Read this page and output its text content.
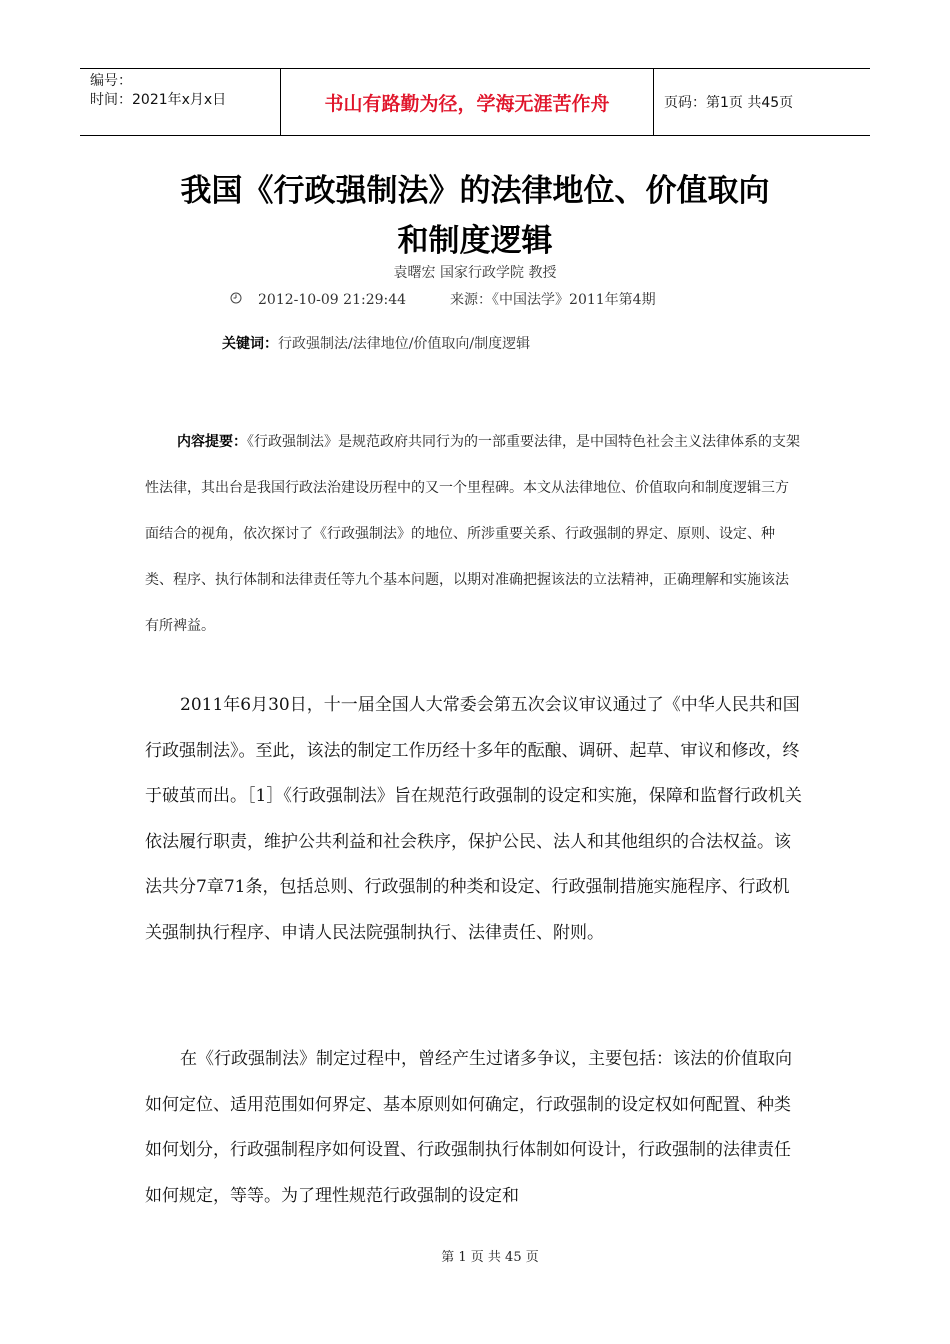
编号：
时间：2021年x月x日	书山有路勤为径，学海无涯苦作舟	页码：第1页 共45页
我国《行政强制法》的法律地位、价值取向
和制度逻辑
袁曙宏 国家行政学院 教授
2012-10-09 21:29:44	来源：《中国法学》2011年第4期
关键词：行政强制法/法律地位/价值取向/制度逻辑
内容提要：《行政强制法》是规范政府共同行为的一部重要法律，是中国特色社会主义法律体系的支架性法律，其出台是我国行政法治建设历程中的又一个里程碑。本文从法律地位、价值取向和制度逻辑三方面结合的视角，依次探讨了《行政强制法》的地位、所涉重要关系、行政强制的界定、原则、设定、种类、程序、执行体制和法律责任等九个基本问题，以期对准确把握该法的立法精神，正确理解和实施该法有所裨益。
2011年6月30日，十一届全国人大常委会第五次会议审议通过了《中华人民共和国行政强制法》。至此，该法的制定工作历经十多年的酝酿、调研、起草、审议和修改，终于破茧而出。［1］《行政强制法》旨在规范行政强制的设定和实施，保障和监督行政机关依法履行职责，维护公共利益和社会秩序，保护公民、法人和其他组织的合法权益。该法共分7章71条，包括总则、行政强制的种类和设定、行政强制措施实施程序、行政机关强制执行程序、申请人民法院强制执行、法律责任、附则。
在《行政强制法》制定过程中，曾经产生过诸多争议，主要包括：该法的价值取向如何定位、适用范围如何界定、基本原则如何确定，行政强制的设定权如何配置、种类如何划分，行政强制程序如何设置、行政强制执行体制如何设计，行政强制的法律责任如何规定，等等。为了理性规范行政强制的设定和
第 1 页 共 45 页
